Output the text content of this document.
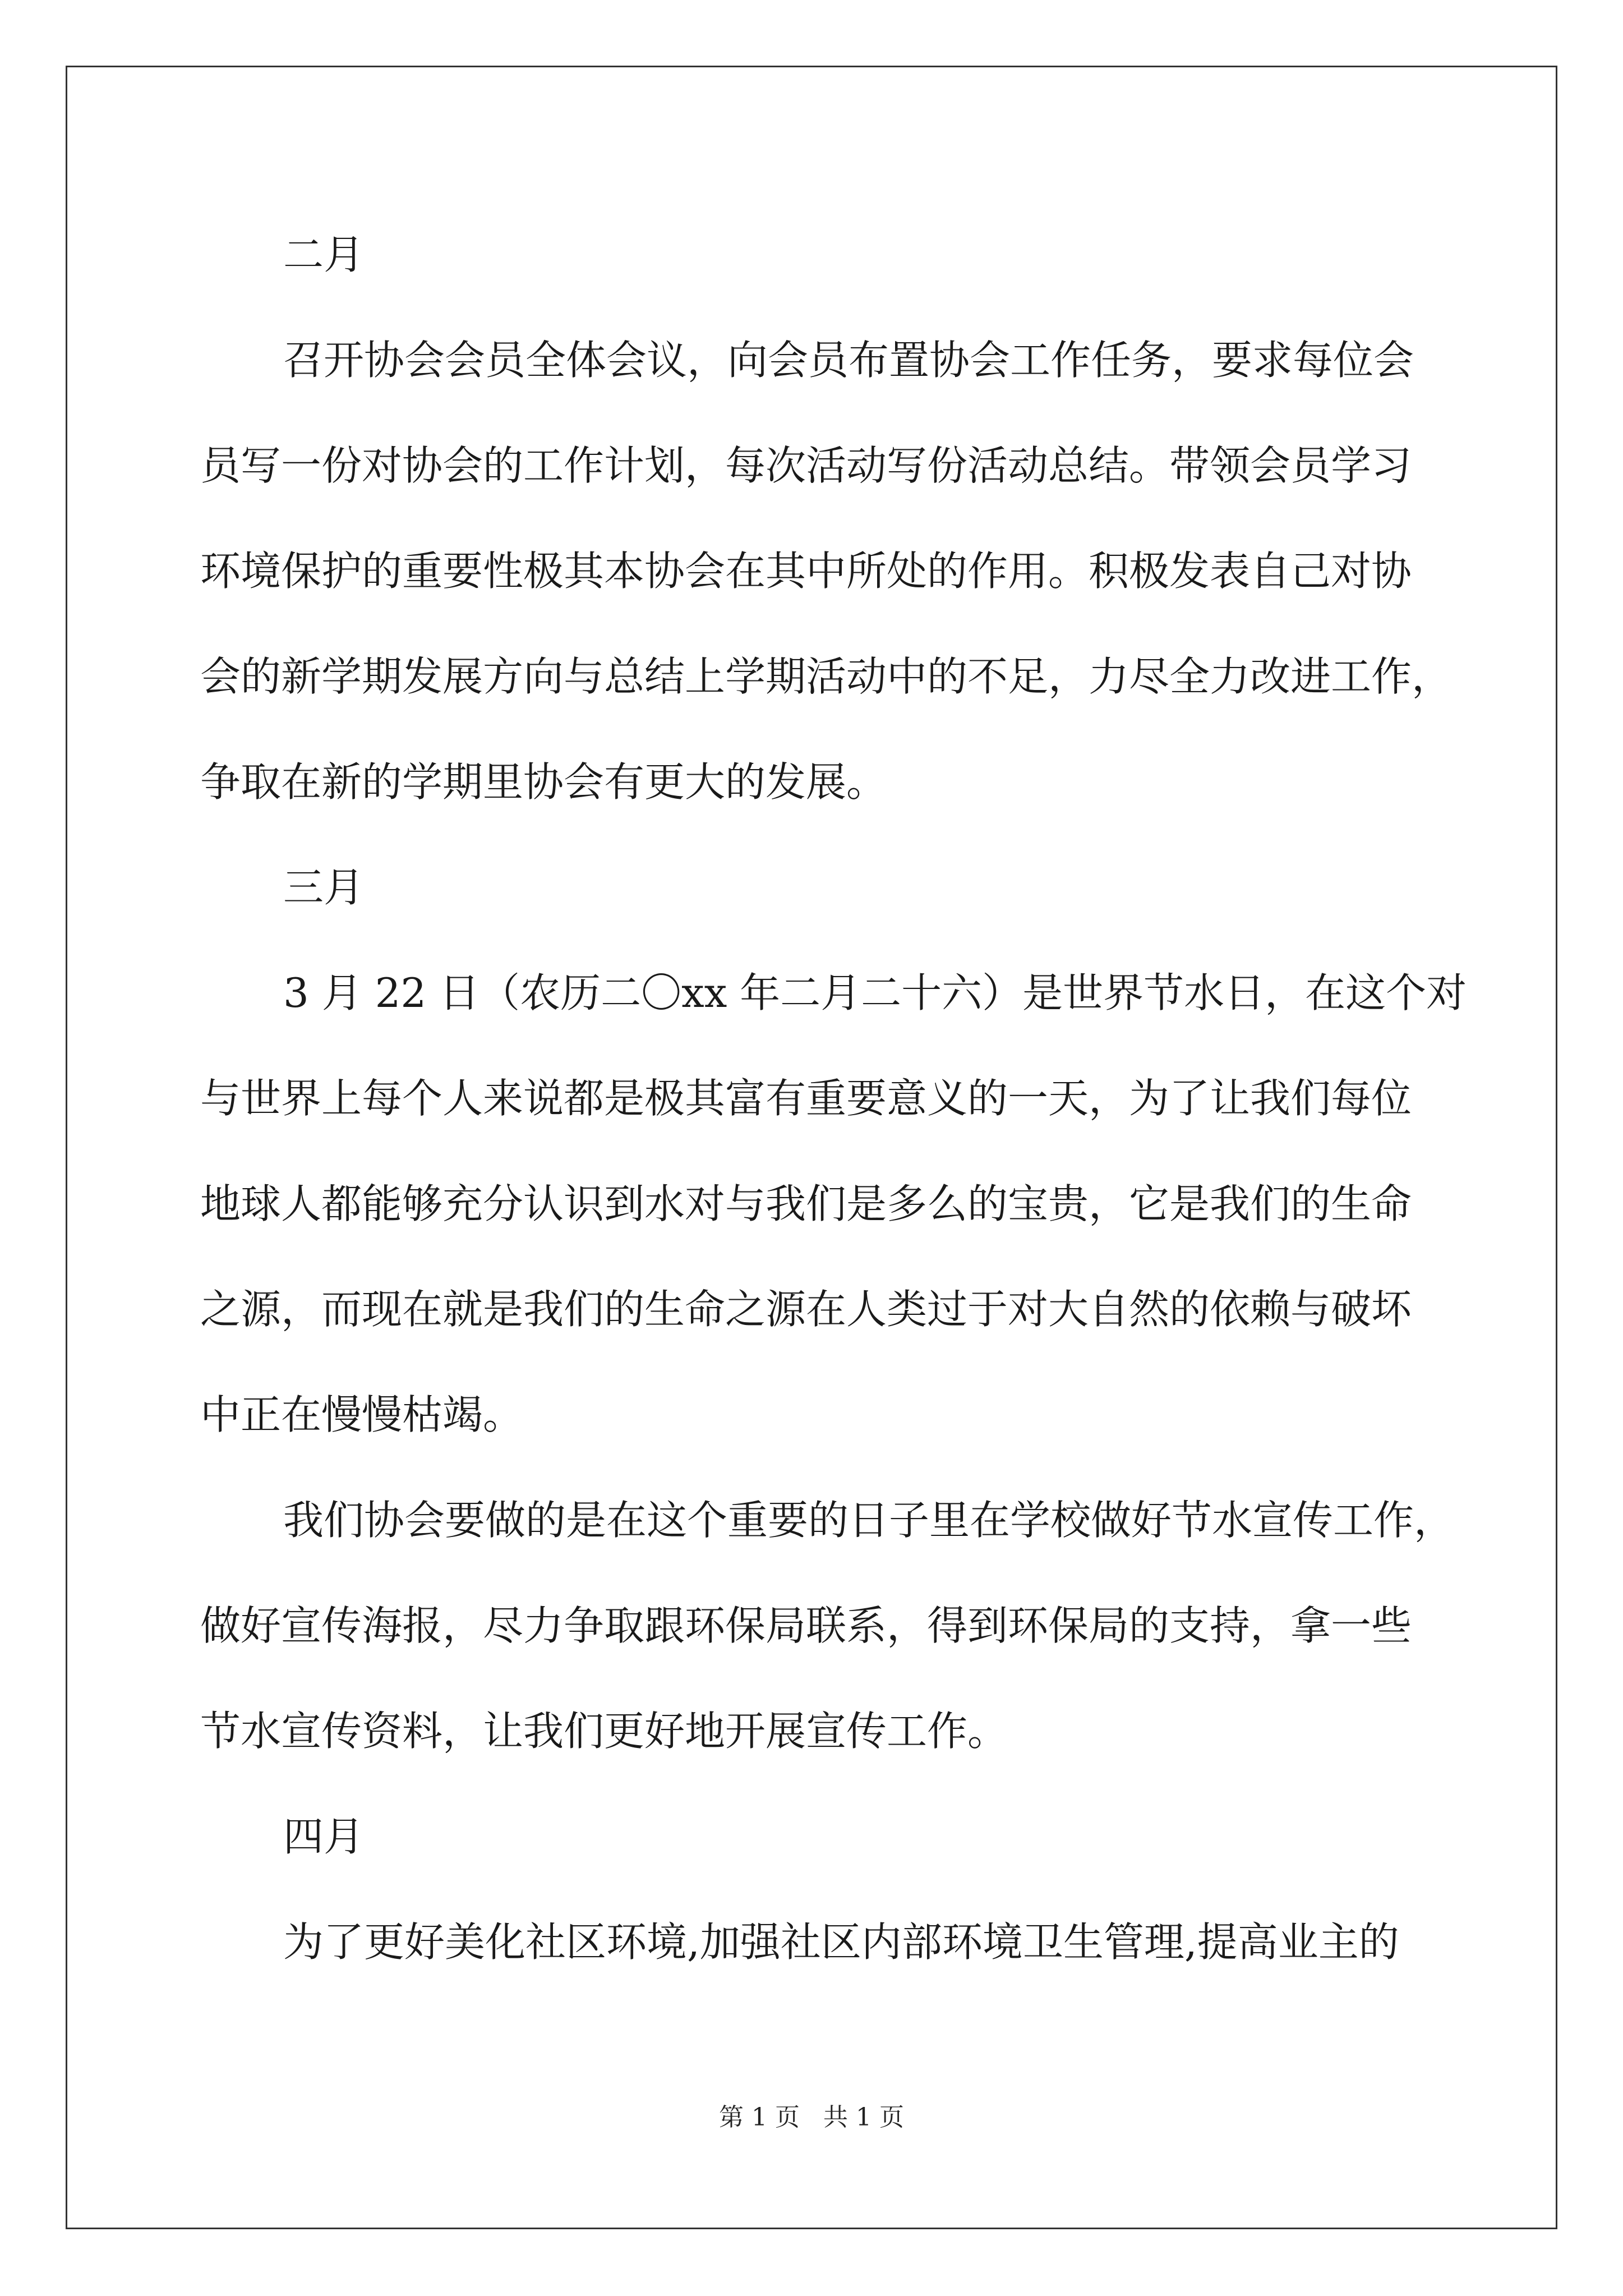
二月

召开协会会员全体会议，向会员布置协会工作任务，要求每位会

员写一份对协会的工作计划，每次活动写份活动总结。带领会员学习

环境保护的重要性极其本协会在其中所处的作用。积极发表自己对协

会的新学期发展方向与总结上学期活动中的不足，力尽全力改进工作，

争取在新的学期里协会有更大的发展。

三月

3 月 22 日（农历二〇xx 年二月二十六）是世界节水日，在这个对

与世界上每个人来说都是极其富有重要意义的一天，为了让我们每位

地球人都能够充分认识到水对与我们是多么的宝贵，它是我们的生命

之源，而现在就是我们的生命之源在人类过于对大自然的依赖与破坏

中正在慢慢枯竭。

我们协会要做的是在这个重要的日子里在学校做好节水宣传工作，

做好宣传海报，尽力争取跟环保局联系，得到环保局的支持，拿一些

节水宣传资料，让我们更好地开展宣传工作。

四月

为了更好美化社区环境,加强社区内部环境卫生管理,提高业主的

第 1 页 共 1 页
